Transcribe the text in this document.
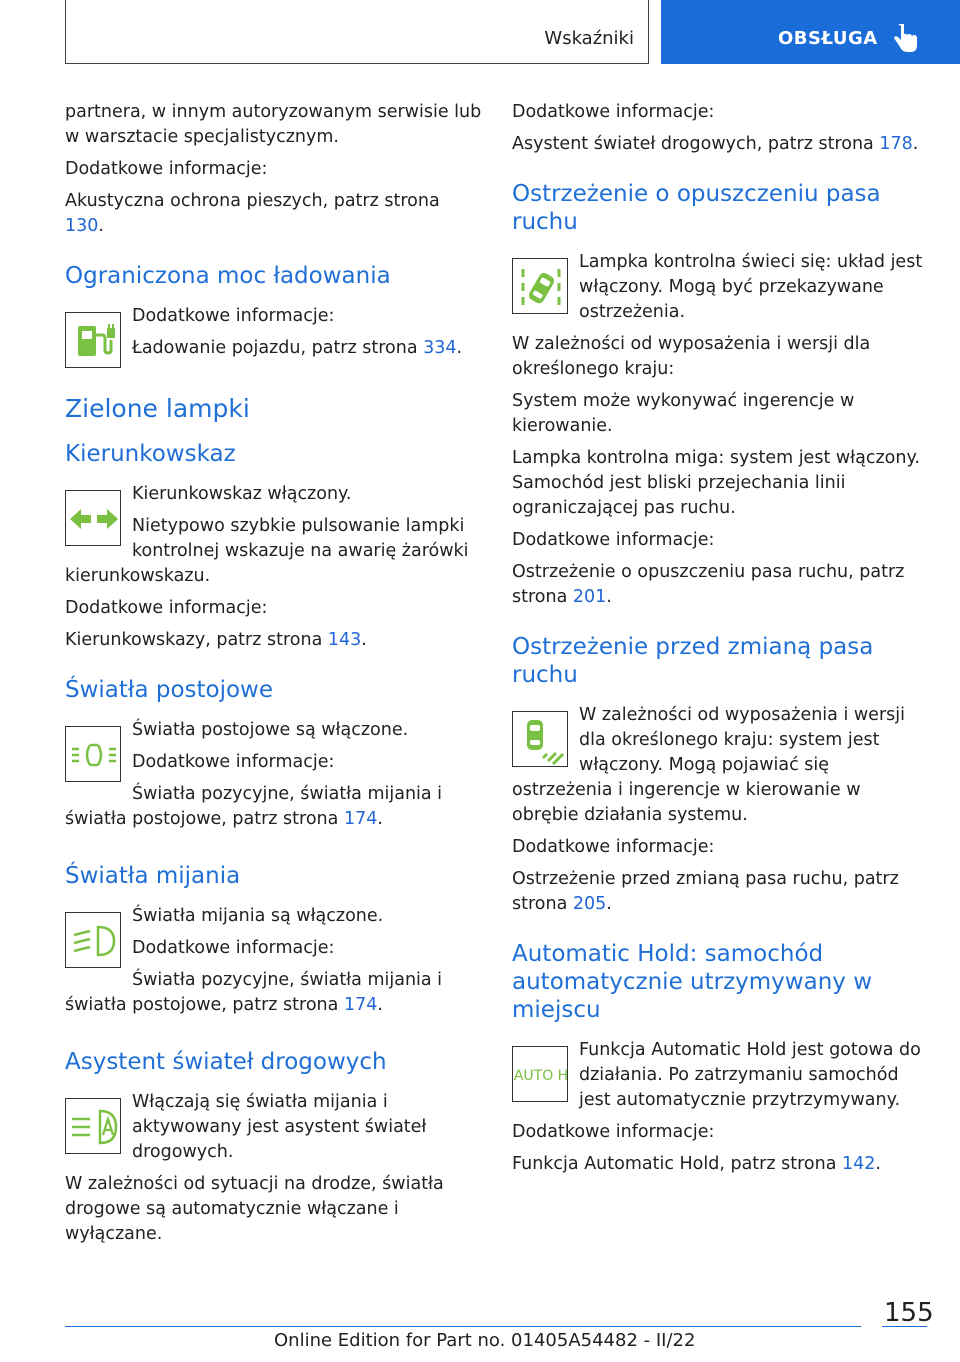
Wskaźniki	OBSŁUGA

partnera, w innym autoryzowanym serwisie lub w warsztacie specjalistycznym.

Dodatkowe informacje:

Akustyczna ochrona pieszych, patrz strona 130.

Ograniczona moc ładowania

Dodatkowe informacje:

Ładowanie pojazdu, patrz strona 334.

Zielone lampki
Kierunkowskaz

Kierunkowskaz włączony.

Nietypowo szybkie pulsowanie lampki kontrolnej wskazuje na awarię żarówki kierunkowskazu.

Dodatkowe informacje:

Kierunkowskazy, patrz strona 143.

Światła postojowe

Światła postojowe są włączone.

Dodatkowe informacje:

Światła pozycyjne, światła mijania i światła postojowe, patrz strona 174.

Światła mijania

Światła mijania są włączone.

Dodatkowe informacje:

Światła pozycyjne, światła mijania i światła postojowe, patrz strona 174.

Asystent świateł drogowych

Włączają się światła mijania i aktywowany jest asystent świateł drogowych.

W zależności od sytuacji na drodze, światła drogowe są automatycznie włączane i wyłączane.

Dodatkowe informacje:

Asystent świateł drogowych, patrz strona 178.

Ostrzeżenie o opuszczeniu pasa ruchu

Lampka kontrolna świeci się: układ jest włączony. Mogą być przekazywane ostrzeżenia.

W zależności od wyposażenia i wersji dla określonego kraju:

System może wykonywać ingerencje w kierowanie.

Lampka kontrolna miga: system jest włączony. Samochód jest bliski przejechania linii ograniczającej pas ruchu.

Dodatkowe informacje:

Ostrzeżenie o opuszczeniu pasa ruchu, patrz strona 201.

Ostrzeżenie przed zmianą pasa ruchu

W zależności od wyposażenia i wersji dla określonego kraju: system jest włączony. Mogą pojawiać się ostrzeżenia i ingerencje w kierowanie w obrębie działania systemu.

Dodatkowe informacje:

Ostrzeżenie przed zmianą pasa ruchu, patrz strona 205.

Automatic Hold: samochód automatycznie utrzymywany w miejscu
AUTO H

Funkcja Automatic Hold jest gotowa do działania. Po zatrzymaniu samochód jest automatycznie przytrzymywany.

Dodatkowe informacje:

Funkcja Automatic Hold, patrz strona 142.

155
Online Edition for Part no. 01405A54482 - II/22
